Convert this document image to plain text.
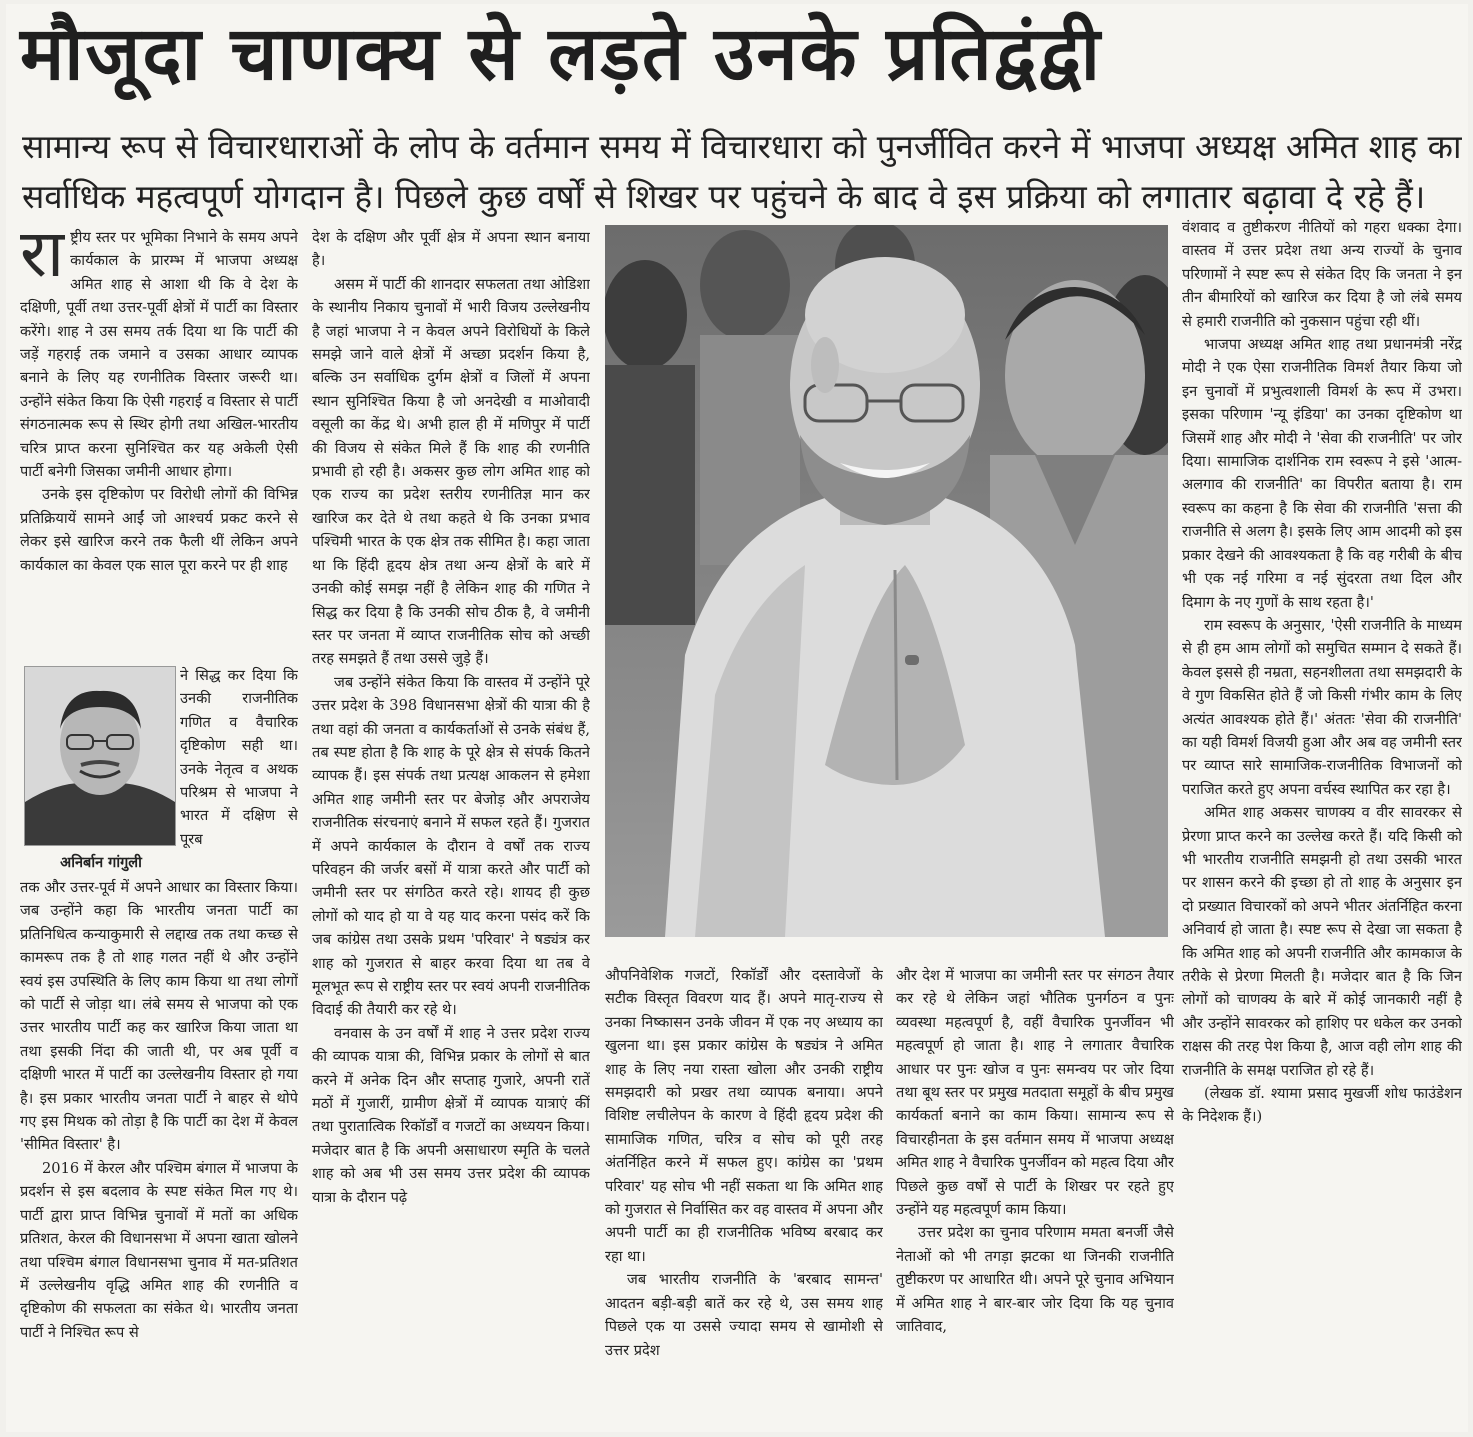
मौजूदा चाणक्य से लड़ते उनके प्रतिद्वंद्वी
सामान्य रूप से विचारधाराओं के लोप के वर्तमान समय में विचारधारा को पुनर्जीवित करने में भाजपा अध्यक्ष अमित शाह का
सर्वाधिक महत्वपूर्ण योगदान है। पिछले कुछ वर्षों से शिखर पर पहुंचने के बाद वे इस प्रक्रिया को लगातार बढ़ावा दे रहे हैं।

राष्ट्रीय स्तर पर भूमिका निभाने के समय अपने कार्यकाल के प्रारम्भ में भाजपा अध्यक्ष अमित शाह से आशा थी कि वे देश के दक्षिणी, पूर्वी तथा उत्तर-पूर्वी क्षेत्रों में पार्टी का विस्तार करेंगे। शाह ने उस समय तर्क दिया था कि पार्टी की जड़ें गहराई तक जमाने व उसका आधार व्यापक बनाने के लिए यह रणनीतिक विस्तार जरूरी था। उन्होंने संकेत किया कि ऐसी गहराई व विस्तार से पार्टी संगठनात्मक रूप से स्थिर होगी तथा अखिल-भारतीय चरित्र प्राप्त करना सुनिश्चित कर यह अकेली ऐसी पार्टी बनेगी जिसका जमीनी आधार होगा।

उनके इस दृष्टिकोण पर विरोधी लोगों की विभिन्न प्रतिक्रियायें सामने आईं जो आश्चर्य प्रकट करने से लेकर इसे खारिज करने तक फैली थीं लेकिन अपने कार्यकाल का केवल एक साल पूरा करने पर ही शाह

अनिर्बान गांगुली

ने सिद्ध कर दिया कि उनकी राजनीतिक गणित व वैचारिक दृष्टिकोण सही था। उनके नेतृत्व व अथक परिश्रम से भाजपा ने भारत में दक्षिण से पूरब

तक और उत्तर-पूर्व में अपने आधार का विस्तार किया। जब उन्होंने कहा कि भारतीय जनता पार्टी का प्रतिनिधित्व कन्याकुमारी से लद्दाख तक तथा कच्छ से कामरूप तक है तो शाह गलत नहीं थे और उन्होंने स्वयं इस उपस्थिति के लिए काम किया था तथा लोगों को पार्टी से जोड़ा था। लंबे समय से भाजपा को एक उत्तर भारतीय पार्टी कह कर खारिज किया जाता था तथा इसकी निंदा की जाती थी, पर अब पूर्वी व दक्षिणी भारत में पार्टी का उल्लेखनीय विस्तार हो गया है। इस प्रकार भारतीय जनता पार्टी ने बाहर से थोपे गए इस मिथक को तोड़ा है कि पार्टी का देश में केवल 'सीमित विस्तार' है।

2016 में केरल और पश्चिम बंगाल में भाजपा के प्रदर्शन से इस बदलाव के स्पष्ट संकेत मिल गए थे। पार्टी द्वारा प्राप्त विभिन्न चुनावों में मतों का अधिक प्रतिशत, केरल की विधानसभा में अपना खाता खोलने तथा पश्चिम बंगाल विधानसभा चुनाव में मत-प्रतिशत में उल्लेखनीय वृद्धि अमित शाह की रणनीति व दृष्टिकोण की सफलता का संकेत थे। भारतीय जनता पार्टी ने निश्चित रूप से

देश के दक्षिण और पूर्वी क्षेत्र में अपना स्थान बनाया है।

असम में पार्टी की शानदार सफलता तथा ओडिशा के स्थानीय निकाय चुनावों में भारी विजय उल्लेखनीय है जहां भाजपा ने न केवल अपने विरोधियों के किले समझे जाने वाले क्षेत्रों में अच्छा प्रदर्शन किया है, बल्कि उन सर्वाधिक दुर्गम क्षेत्रों व जिलों में अपना स्थान सुनिश्चित किया है जो अनदेखी व माओवादी वसूली का केंद्र थे। अभी हाल ही में मणिपुर में पार्टी की विजय से संकेत मिले हैं कि शाह की रणनीति प्रभावी हो रही है। अकसर कुछ लोग अमित शाह को एक राज्य का प्रदेश स्तरीय रणनीतिज्ञ मान कर खारिज कर देते थे तथा कहते थे कि उनका प्रभाव पश्चिमी भारत के एक क्षेत्र तक सीमित है। कहा जाता था कि हिंदी हृदय क्षेत्र तथा अन्य क्षेत्रों के बारे में उनकी कोई समझ नहीं है लेकिन शाह की गणित ने सिद्ध कर दिया है कि उनकी सोच ठीक है, वे जमीनी स्तर पर जनता में व्याप्त राजनीतिक सोच को अच्छी तरह समझते हैं तथा उससे जुड़े हैं।

जब उन्होंने संकेत किया कि वास्तव में उन्होंने पूरे उत्तर प्रदेश के 398 विधानसभा क्षेत्रों की यात्रा की है तथा वहां की जनता व कार्यकर्ताओं से उनके संबंध हैं, तब स्पष्ट होता है कि शाह के पूरे क्षेत्र से संपर्क कितने व्यापक हैं। इस संपर्क तथा प्रत्यक्ष आकलन से हमेशा अमित शाह जमीनी स्तर पर बेजोड़ और अपराजेय राजनीतिक संरचनाएं बनाने में सफल रहते हैं। गुजरात में अपने कार्यकाल के दौरान वे वर्षों तक राज्य परिवहन की जर्जर बसों में यात्रा करते और पार्टी को जमीनी स्तर पर संगठित करते रहे। शायद ही कुछ लोगों को याद हो या वे यह याद करना पसंद करें कि जब कांग्रेस तथा उसके प्रथम 'परिवार' ने षड्यंत्र कर शाह को गुजरात से बाहर करवा दिया था तब वे मूलभूत रूप से राष्ट्रीय स्तर पर स्वयं अपनी राजनीतिक विदाई की तैयारी कर रहे थे।

वनवास के उन वर्षों में शाह ने उत्तर प्रदेश राज्य की व्यापक यात्रा की, विभिन्न प्रकार के लोगों से बात करने में अनेक दिन और सप्ताह गुजारे, अपनी रातें मठों में गुजारीं, ग्रामीण क्षेत्रों में व्यापक यात्राएं कीं तथा पुरातात्विक रिकॉर्डों व गजटों का अध्ययन किया। मजेदार बात है कि अपनी असाधारण स्मृति के चलते शाह को अब भी उस समय उत्तर प्रदेश की व्यापक यात्रा के दौरान पढ़े

औपनिवेशिक गजटों, रिकॉर्डों और दस्तावेजों के सटीक विस्तृत विवरण याद हैं। अपने मातृ-राज्य से उनका निष्कासन उनके जीवन में एक नए अध्याय का खुलना था। इस प्रकार कांग्रेस के षड्यंत्र ने अमित शाह के लिए नया रास्ता खोला और उनकी राष्ट्रीय समझदारी को प्रखर तथा व्यापक बनाया। अपने विशिष्ट लचीलेपन के कारण वे हिंदी हृदय प्रदेश की सामाजिक गणित, चरित्र व सोच को पूरी तरह अंतर्निहित करने में सफल हुए। कांग्रेस का 'प्रथम परिवार' यह सोच भी नहीं सकता था कि अमित शाह को गुजरात से निर्वासित कर वह वास्तव में अपना और अपनी पार्टी का ही राजनीतिक भविष्य बरबाद कर रहा था।

जब भारतीय राजनीति के 'बरबाद सामन्त' आदतन बड़ी-बड़ी बातें कर रहे थे, उस समय शाह पिछले एक या उससे ज्यादा समय से खामोशी से उत्तर प्रदेश

और देश में भाजपा का जमीनी स्तर पर संगठन तैयार कर रहे थे लेकिन जहां भौतिक पुनर्गठन व पुनः व्यवस्था महत्वपूर्ण है, वहीं वैचारिक पुनर्जीवन भी महत्वपूर्ण हो जाता है। शाह ने लगातार वैचारिक आधार पर पुनः खोज व पुनः समन्वय पर जोर दिया तथा बूथ स्तर पर प्रमुख मतदाता समूहों के बीच प्रमुख कार्यकर्ता बनाने का काम किया। सामान्य रूप से विचारहीनता के इस वर्तमान समय में भाजपा अध्यक्ष अमित शाह ने वैचारिक पुनर्जीवन को महत्व दिया और पिछले कुछ वर्षों से पार्टी के शिखर पर रहते हुए उन्होंने यह महत्वपूर्ण काम किया।

उत्तर प्रदेश का चुनाव परिणाम ममता बनर्जी जैसे नेताओं को भी तगड़ा झटका था जिनकी राजनीति तुष्टीकरण पर आधारित थी। अपने पूरे चुनाव अभियान में अमित शाह ने बार-बार जोर दिया कि यह चुनाव जातिवाद,

वंशवाद व तुष्टीकरण नीतियों को गहरा धक्का देगा। वास्तव में उत्तर प्रदेश तथा अन्य राज्यों के चुनाव परिणामों ने स्पष्ट रूप से संकेत दिए कि जनता ने इन तीन बीमारियों को खारिज कर दिया है जो लंबे समय से हमारी राजनीति को नुकसान पहुंचा रही थीं।

भाजपा अध्यक्ष अमित शाह तथा प्रधानमंत्री नरेंद्र मोदी ने एक ऐसा राजनीतिक विमर्श तैयार किया जो इन चुनावों में प्रभुत्वशाली विमर्श के रूप में उभरा। इसका परिणाम 'न्यू इंडिया' का उनका दृष्टिकोण था जिसमें शाह और मोदी ने 'सेवा की राजनीति' पर जोर दिया। सामाजिक दार्शनिक राम स्वरूप ने इसे 'आत्म-अलगाव की राजनीति' का विपरीत बताया है। राम स्वरूप का कहना है कि सेवा की राजनीति 'सत्ता की राजनीति से अलग है। इसके लिए आम आदमी को इस प्रकार देखने की आवश्यकता है कि वह गरीबी के बीच भी एक नई गरिमा व नई सुंदरता तथा दिल और दिमाग के नए गुणों के साथ रहता है।'

राम स्वरूप के अनुसार, 'ऐसी राजनीति के माध्यम से ही हम आम लोगों को समुचित सम्मान दे सकते हैं। केवल इससे ही नम्रता, सहनशीलता तथा समझदारी के वे गुण विकसित होते हैं जो किसी गंभीर काम के लिए अत्यंत आवश्यक होते हैं।' अंततः 'सेवा की राजनीति' का यही विमर्श विजयी हुआ और अब वह जमीनी स्तर पर व्याप्त सारे सामाजिक-राजनीतिक विभाजनों को पराजित करते हुए अपना वर्चस्व स्थापित कर रहा है।

अमित शाह अकसर चाणक्य व वीर सावरकर से प्रेरणा प्राप्त करने का उल्लेख करते हैं। यदि किसी को भी भारतीय राजनीति समझनी हो तथा उसकी भारत पर शासन करने की इच्छा हो तो शाह के अनुसार इन दो प्रख्यात विचारकों को अपने भीतर अंतर्निहित करना अनिवार्य हो जाता है। स्पष्ट रूप से देखा जा सकता है कि अमित शाह को अपनी राजनीति और कामकाज के तरीके से प्रेरणा मिलती है। मजेदार बात है कि जिन लोगों को चाणक्य के बारे में कोई जानकारी नहीं है और उन्होंने सावरकर को हाशिए पर धकेल कर उनको राक्षस की तरह पेश किया है, आज वही लोग शाह की राजनीति के समक्ष पराजित हो रहे हैं।

(लेखक डॉ. श्यामा प्रसाद मुखर्जी शोध फाउंडेशन के निदेशक हैं।)
